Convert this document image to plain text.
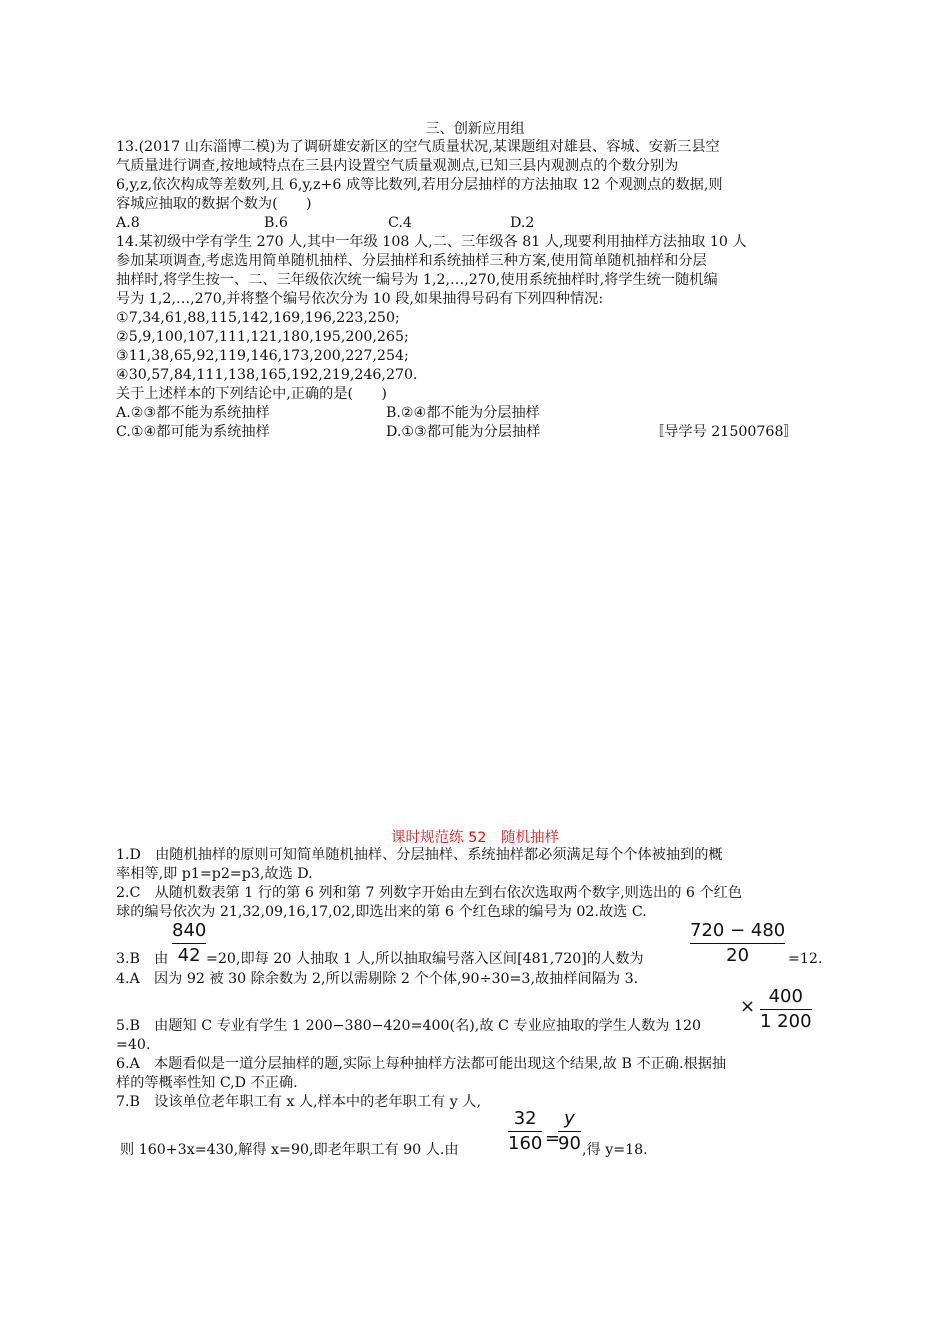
三、创新应用组
13.(2017 山东淄博二模)为了调研雄安新区的空气质量状况,某课题组对雄县、容城、安新三县空
气质量进行调查,按地域特点在三县内设置空气质量观测点,已知三县内观测点的个数分别为
6,y,z,依次构成等差数列,且 6,y,z+6 成等比数列,若用分层抽样的方法抽取 12 个观测点的数据,则
容城应抽取的数据个数为(　　)
A.8	B.6	C.4	D.2
14.某初级中学有学生 270 人,其中一年级 108 人,二、三年级各 81 人,现要利用抽样方法抽取 10 人
参加某项调查,考虑选用简单随机抽样、分层抽样和系统抽样三种方案,使用简单随机抽样和分层
抽样时,将学生按一、二、三年级依次统一编号为 1,2,…,270,使用系统抽样时,将学生统一随机编
号为 1,2,…,270,并将整个编号依次分为 10 段,如果抽得号码有下列四种情况:
①7,34,61,88,115,142,169,196,223,250;
②5,9,100,107,111,121,180,195,200,265;
③11,38,65,92,119,146,173,200,227,254;
④30,57,84,111,138,165,192,219,246,270.
关于上述样本的下列结论中,正确的是(　　)
A.②③都不能为系统抽样	B.②④都不能为分层抽样
C.①④都可能为系统抽样	D.①③都可能为分层抽样	〚导学号 21500768〛
课时规范练 52　随机抽样
1.D　由随机抽样的原则可知简单随机抽样、分层抽样、系统抽样都必须满足每个个体被抽到的概
率相等,即 p1=p2=p3,故选 D.
2.C　从随机数表第 1 行的第 6 列和第 7 列数字开始由左到右依次选取两个数字,则选出的 6 个红色
球的编号依次为 21,32,09,16,17,02,即选出来的第 6 个红色球的编号为 02.故选 C.
3.B　由
840
42 =20,即每 20 人抽取 1 人,所以抽取编号落入区间[481,720]的人数为
720 − 480
20	=12.
4.A　因为 92 被 30 除余数为 2,所以需剔除 2 个个体,90÷30=3,故抽样间隔为 3.
5.B　由题知 C 专业有学生 1 200−380−420=400(名),故 C 专业应抽取的学生人数为 120
× 400
1 200
=40.
6.A　本题看似是一道分层抽样的题,实际上每种抽样方法都可能出现这个结果,故 B 不正确.根据抽
样的等概率性知 C,D 不正确.
7.B　设该单位老年职工有 x 人,样本中的老年职工有 y 人,
则 160+3x=430,解得 x=90,即老年职工有 90 人.由
32
160 =
y
90 ,得 y=18.
